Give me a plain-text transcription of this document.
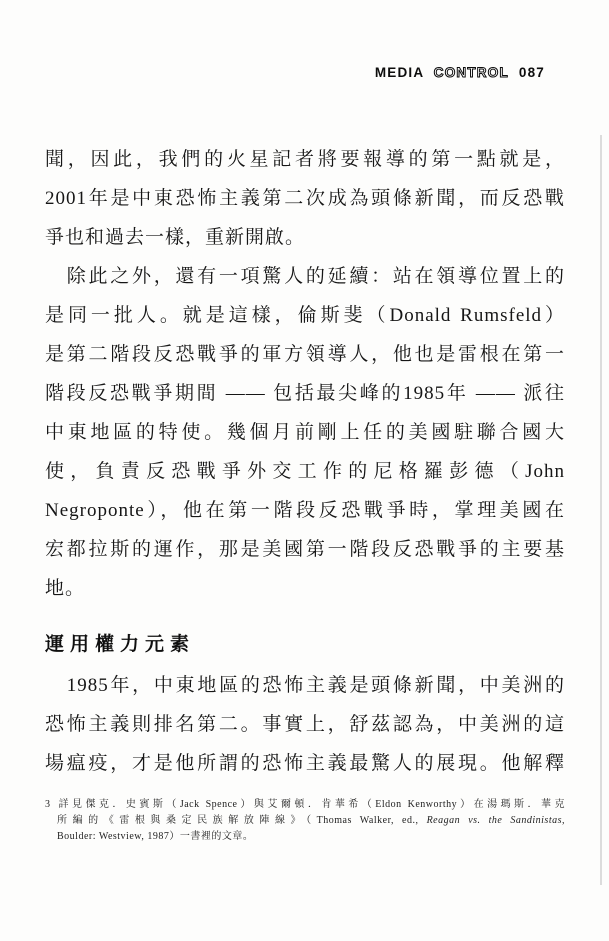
MEDIA CONTROL 087
聞，因此，我們的火星記者將要報導的第一點就是，
2001年是中東恐怖主義第二次成為頭條新聞，而反恐戰
爭也和過去一樣，重新開啟。
　除此之外，還有一項驚人的延續：站在領導位置上的
是同一批人。就是這樣，倫斯斐（Donald Rumsfeld）
是第二階段反恐戰爭的軍方領導人，他也是雷根在第一
階段反恐戰爭期間 —— 包括最尖峰的1985年 —— 派往
中東地區的特使。幾個月前剛上任的美國駐聯合國大
使，負責反恐戰爭外交工作的尼格羅彭德（John
Negroponte），他在第一階段反恐戰爭時，掌理美國在
宏都拉斯的運作，那是美國第一階段反恐戰爭的主要基
地。
運用權力元素
　1985年，中東地區的恐怖主義是頭條新聞，中美洲的
恐怖主義則排名第二。事實上，舒茲認為，中美洲的這
場瘟疫，才是他所謂的恐怖主義最驚人的展現。他解釋
3 詳見傑克．史賓斯（Jack Spence）與艾爾頓．肯華希（Eldon Kenworthy）在湯瑪斯．華克
所編的《雷根與桑定民族解放陣線》（Thomas Walker, ed., Reagan vs. the Sandinistas,
Boulder: Westview, 1987）一書裡的文章。
